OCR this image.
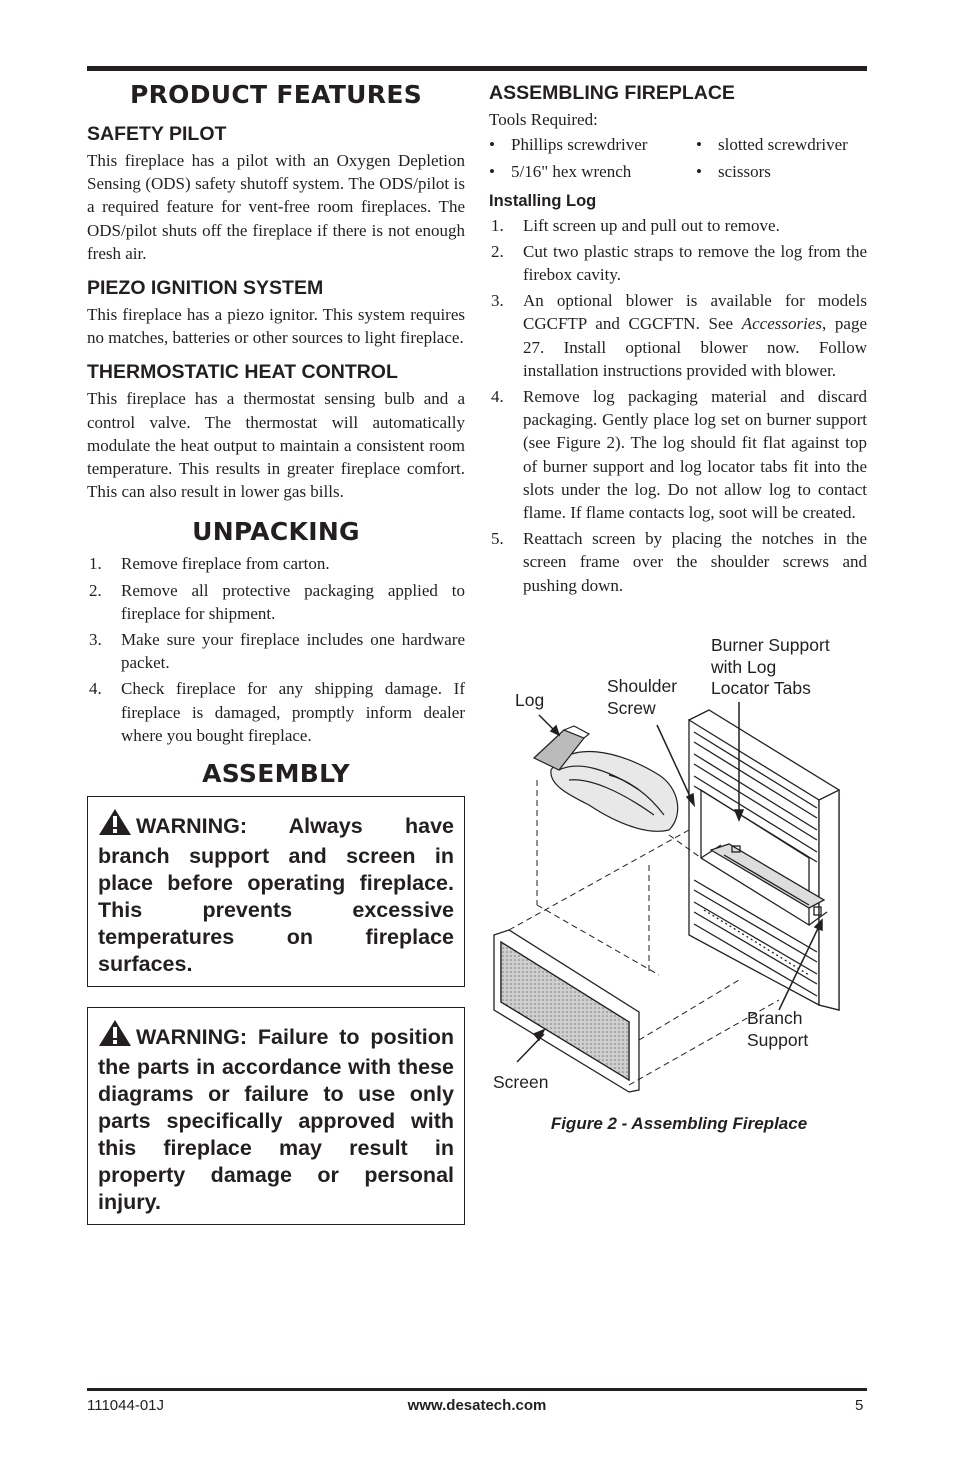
PRODUCT FEATURES
SAFETY PILOT

This fireplace has a pilot with an Oxygen Depletion Sensing (ODS) safety shutoff system. The ODS/pilot is a required feature for vent-free room fireplaces. The ODS/pilot shuts off the fireplace if there is not enough fresh air.

PIEZO IGNITION SYSTEM

This fireplace has a piezo ignitor. This system requires no matches, batteries or other sources to light fireplace.

THERMOSTATIC HEAT CONTROL

This fireplace has a thermostat sensing bulb and a control valve. The thermostat will automatically modulate the heat output to maintain a consistent room temperature. This results in greater fireplace comfort. This can also result in lower gas bills.

UNPACKING
1.	Remove fireplace from carton.
2.	Remove all protective packaging applied to fireplace for shipment.
3.	Make sure your fireplace includes one hardware packet.
4.	Check fireplace for any shipping damage. If fireplace is damaged, promptly inform dealer where you bought fireplace.
ASSEMBLY

WARNING: Always have branch support and screen in place before operating fireplace. This prevents excessive temperatures on fireplace surfaces.

WARNING: Failure to position the parts in accordance with these diagrams or failure to use only parts specifically approved with this fireplace may result in property damage or personal injury.

ASSEMBLING FIREPLACE
Tools Required:
• Phillips screwdriver	• slotted screwdriver
• 5/16" hex wrench	• scissors
Installing Log
1.	Lift screen up and pull out to remove.
2.	Cut two plastic straps to remove the log from the firebox cavity.
3.	An optional blower is available for models CGCFTP and CGCFTN. See Accessories, page 27. Install optional blower now. Follow installation instructions provided with blower.
4.	Remove log packaging material and discard packaging. Gently place log set on burner support (see Figure 2). The log should fit flat against top of burner support and log locator tabs fit into the slots under the log. Do not allow log to contact flame. If flame contacts log, soot will be created.
5.	Reattach screen by placing the notches in the screen frame over the shoulder screws and pushing down.
Log
Shoulder
Screw
Burner Support
with Log
Locator Tabs
Branch
Support
Screen
Figure 2 - Assembling Fireplace
111044-01J	www.desatech.com	5
